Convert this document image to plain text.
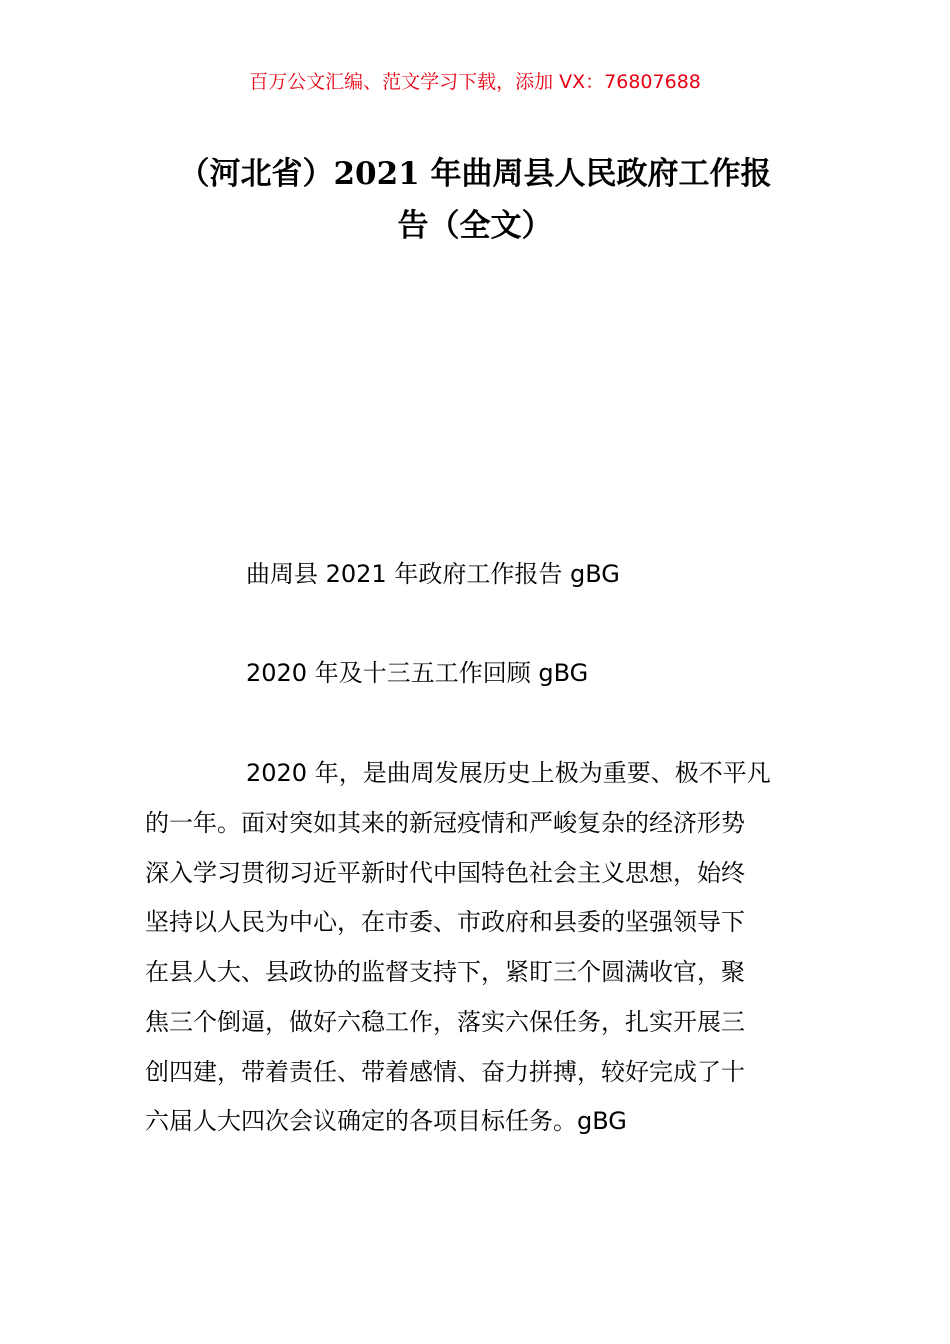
百万公文汇编、范文学习下载，添加 VX：76807688
（河北省）2021 年曲周县人民政府工作报
告（全文）
曲周县 2021 年政府工作报告 gBG
2020 年及十三五工作回顾 gBG
2020 年，是曲周发展历史上极为重要、极不平凡
的一年。面对突如其来的新冠疫情和严峻复杂的经济形势
深入学习贯彻习近平新时代中国特色社会主义思想，始终
坚持以人民为中心，在市委、市政府和县委的坚强领导下
在县人大、县政协的监督支持下，紧盯三个圆满收官，聚
焦三个倒逼，做好六稳工作，落实六保任务，扎实开展三
创四建，带着责任、带着感情、奋力拼搏，较好完成了十
六届人大四次会议确定的各项目标任务。gBG
